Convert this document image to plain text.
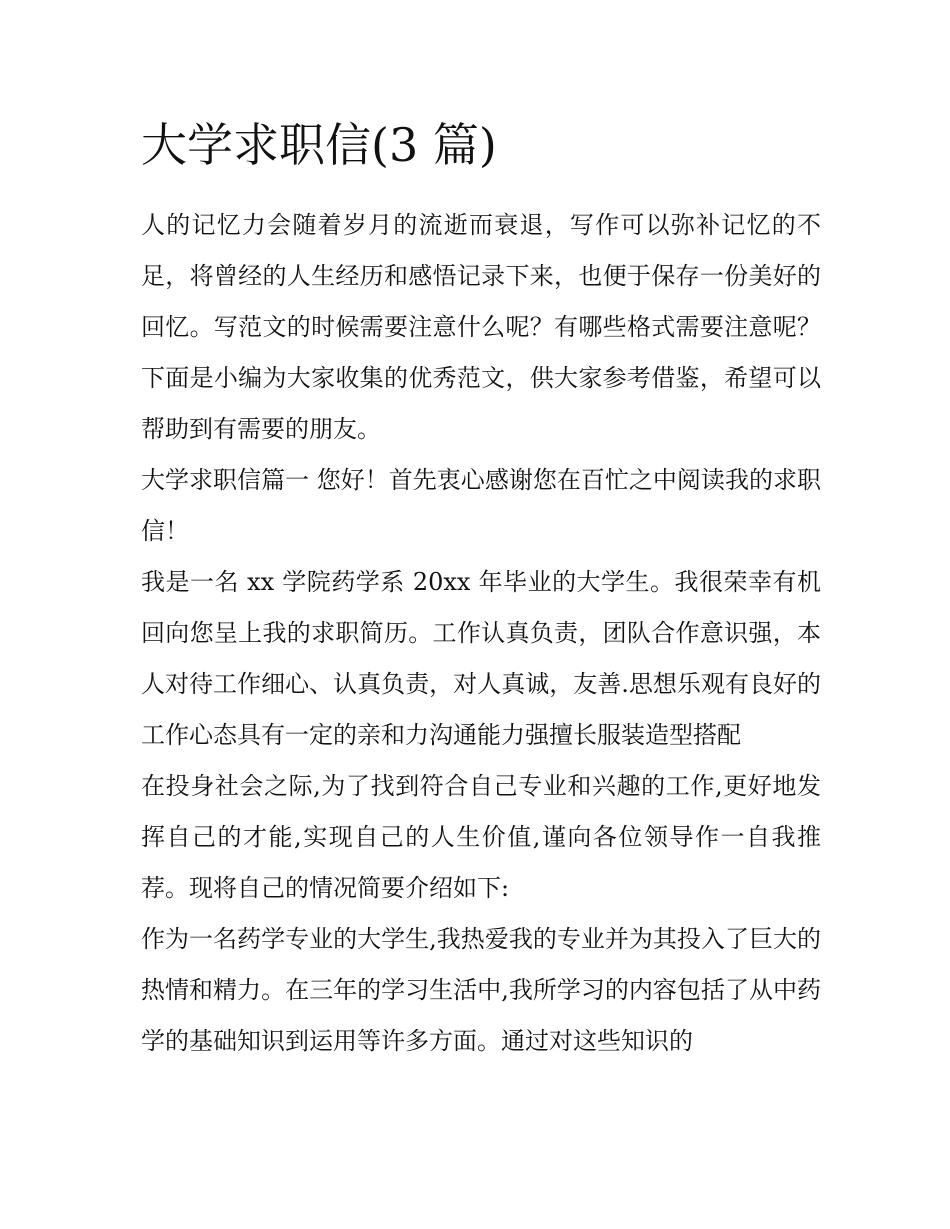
大学求职信(3 篇)

人的记忆力会随着岁月的流逝而衰退，写作可以弥补记忆的不足，将曾经的人生经历和感悟记录下来，也便于保存一份美好的回忆。写范文的时候需要注意什么呢？有哪些格式需要注意呢？下面是小编为大家收集的优秀范文，供大家参考借鉴，希望可以帮助到有需要的朋友。

大学求职信篇一 您好！首先衷心感谢您在百忙之中阅读我的求职信！

我是一名 xx 学院药学系 20xx 年毕业的大学生。我很荣幸有机回向您呈上我的求职简历。工作认真负责，团队合作意识强，本人对待工作细心、认真负责，对人真诚，友善.思想乐观有良好的工作心态具有一定的亲和力沟通能力强擅长服装造型搭配

在投身社会之际,为了找到符合自己专业和兴趣的工作,更好地发挥自己的才能,实现自己的人生价值,谨向各位领导作一自我推荐。现将自己的情况简要介绍如下:

作为一名药学专业的大学生,我热爱我的专业并为其投入了巨大的热情和精力。在三年的学习生活中,我所学习的内容包括了从中药学的基础知识到运用等许多方面。通过对这些知识的
